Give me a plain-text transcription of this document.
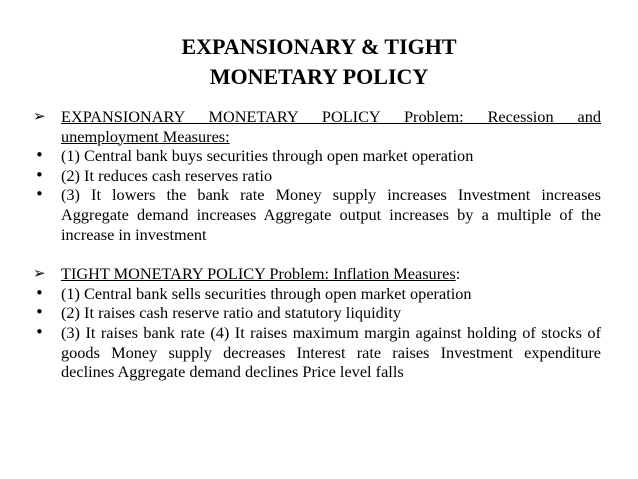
EXPANSIONARY & TIGHT
MONETARY POLICY
➢ EXPANSIONARY MONETARY POLICY Problem: Recession and unemployment Measures:
•	(1) Central bank buys securities through open market operation
•	(2) It reduces cash reserves ratio
•	(3) It lowers the bank rate Money supply increases Investment increases Aggregate demand increases Aggregate output increases by a multiple of the increase in investment
➢ TIGHT MONETARY POLICY Problem: Inflation Measures:
•	(1) Central bank sells securities through open market operation
•	(2) It raises cash reserve ratio and statutory liquidity
•	(3) It raises bank rate (4) It raises maximum margin against holding of stocks of goods Money supply decreases Interest rate raises Investment expenditure declines Aggregate demand declines Price level falls
